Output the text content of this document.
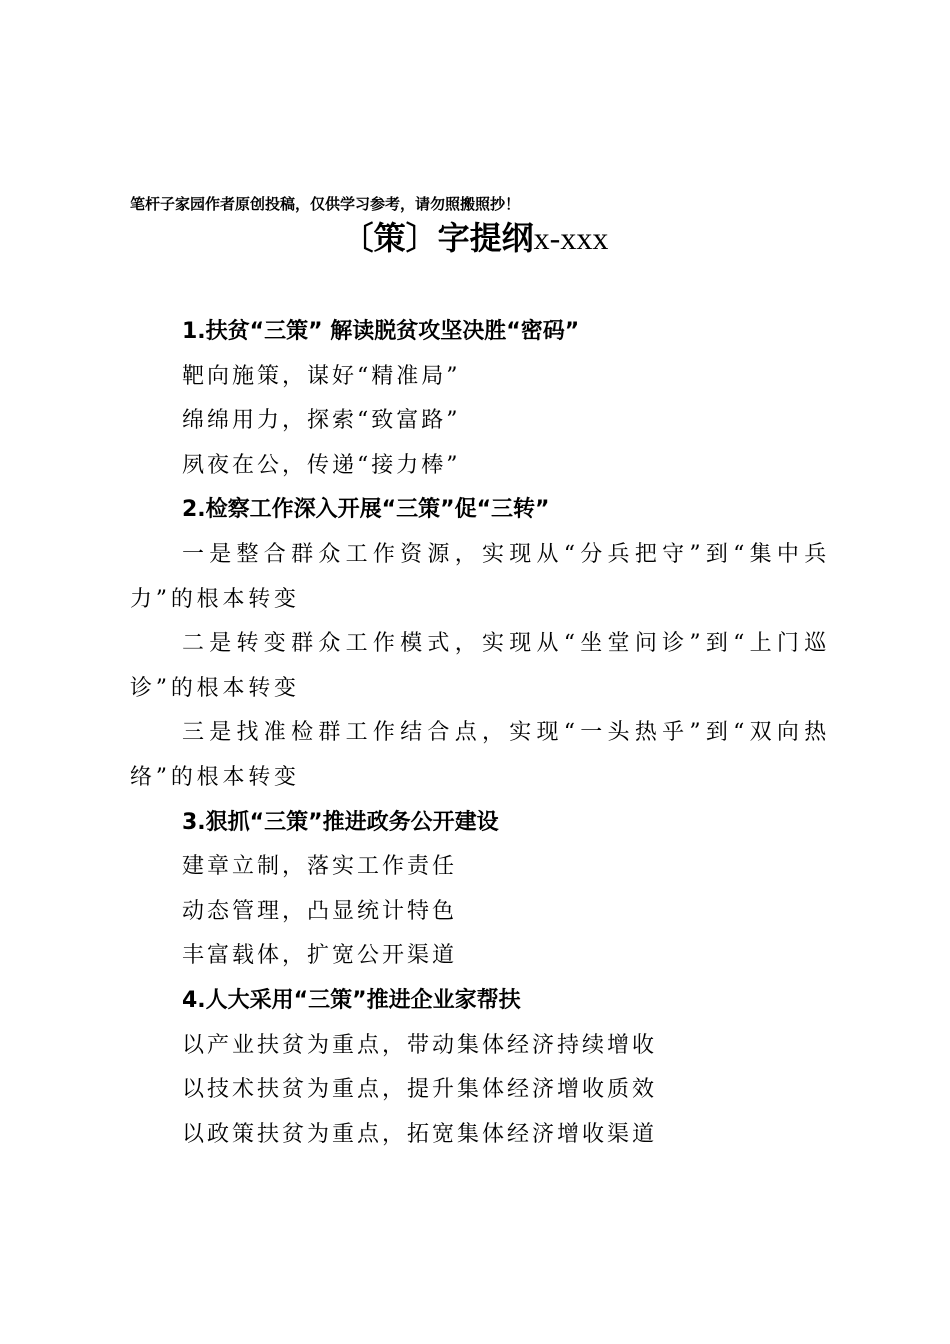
笔杆子家园作者原创投稿，仅供学习参考，请勿照搬照抄！
〔策〕字提纲x-xxx
1.扶贫“三策” 解读脱贫攻坚决胜“密码”
靶向施策，谋好“精准局”
绵绵用力，探索“致富路”
夙夜在公，传递“接力棒”
2.检察工作深入开展“三策”促“三转”
一是整合群众工作资源，实现从“分兵把守”到“集中兵力”的根本转变
二是转变群众工作模式，实现从“坐堂问诊”到“上门巡诊”的根本转变
三是找准检群工作结合点，实现“一头热乎”到“双向热络”的根本转变
3.狠抓“三策”推进政务公开建设
建章立制，落实工作责任
动态管理，凸显统计特色
丰富载体，扩宽公开渠道
4.人大采用“三策”推进企业家帮扶
以产业扶贫为重点，带动集体经济持续增收
以技术扶贫为重点，提升集体经济增收质效
以政策扶贫为重点，拓宽集体经济增收渠道
